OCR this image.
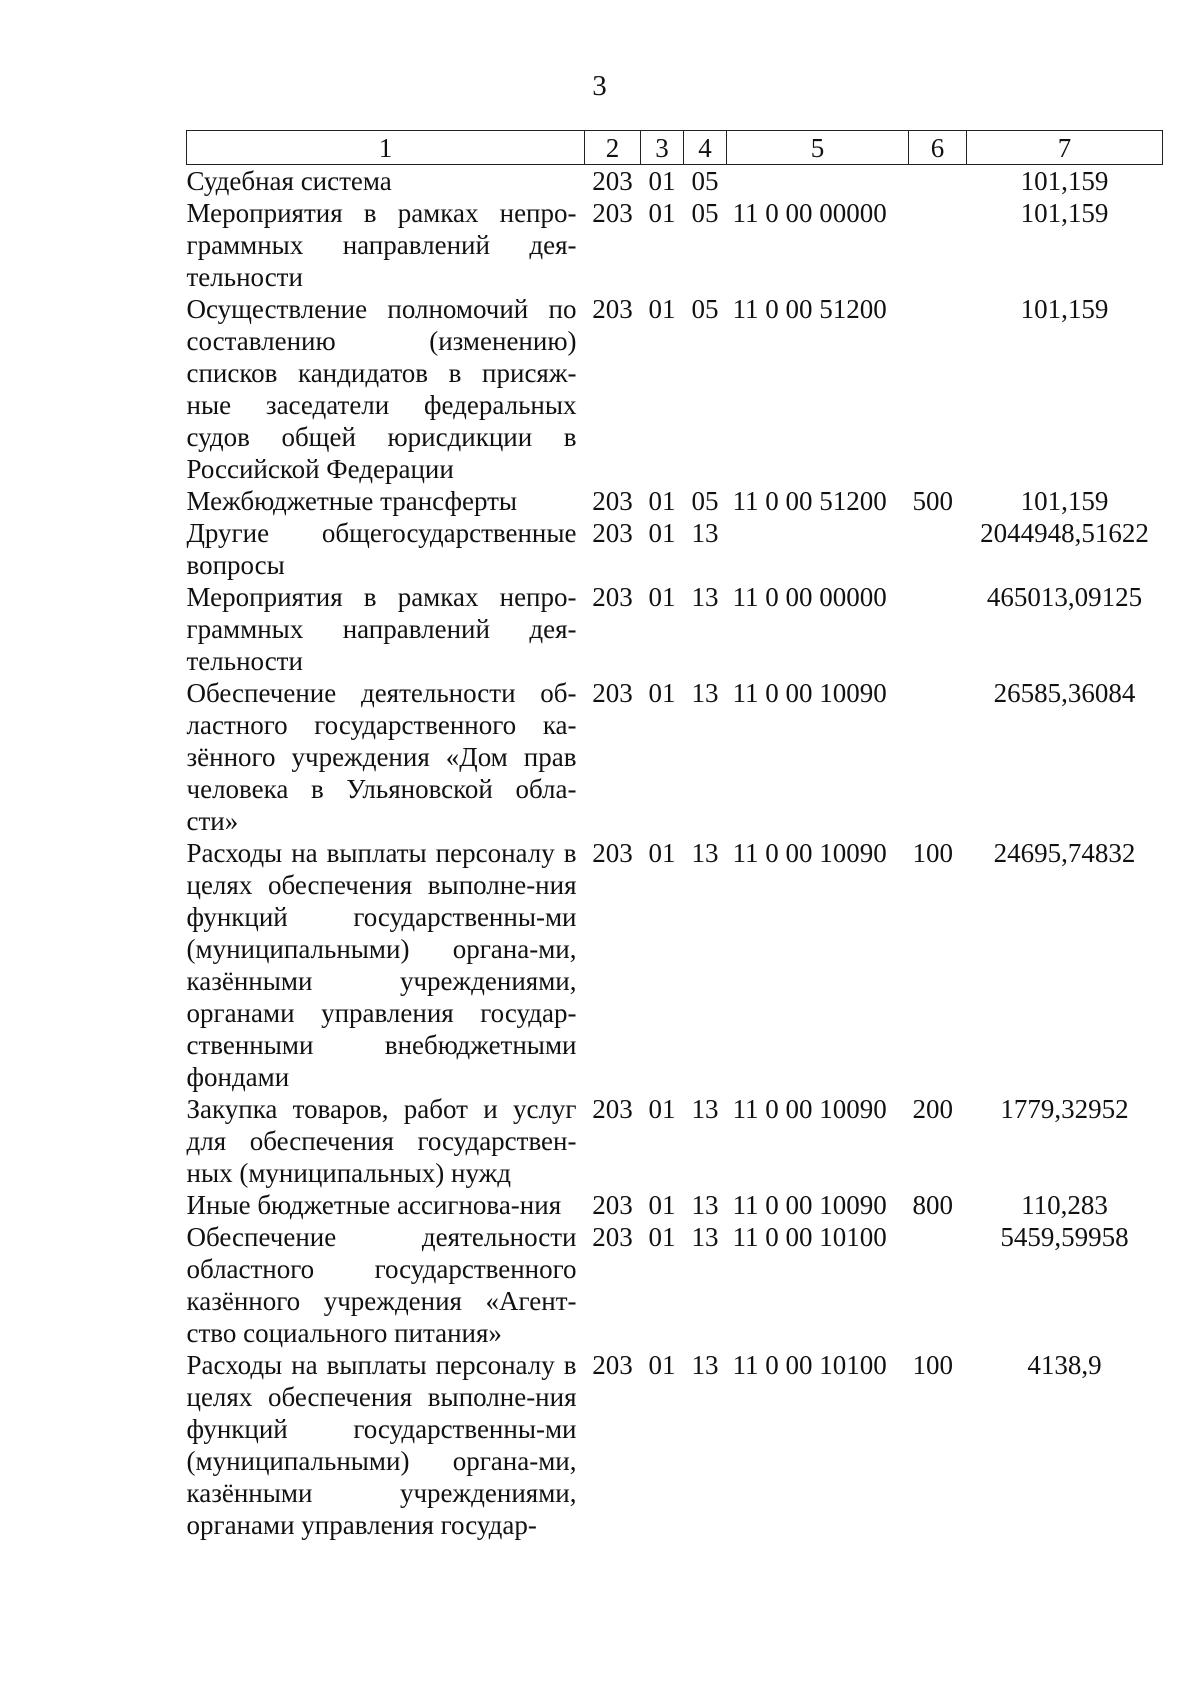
3
1	2	3	4	5	6	7
Судебная система	203	01	05			101,159
Мероприятия в рамках непро-граммных направлений дея-тельности	203	01	05	11 0 00 00000		101,159
Осуществление полномочий по составлению (изменению) списков кандидатов в присяж-ные заседатели федеральных судов общей юрисдикции в Российской Федерации	203	01	05	11 0 00 51200		101,159
Межбюджетные трансферты	203	01	05	11 0 00 51200	500	101,159
Другие общегосударственные вопросы	203	01	13			2044948,51622
Мероприятия в рамках непро-граммных направлений дея-тельности	203	01	13	11 0 00 00000		465013,09125
Обеспечение деятельности об-ластного государственного ка-зённого учреждения «Дом прав человека в Ульяновской обла-сти»	203	01	13	11 0 00 10090		26585,36084
Расходы на выплаты персоналу в целях обеспечения выполне-ния функций государственны-ми (муниципальными) органа-ми, казёнными учреждениями, органами управления государ-ственными внебюджетными фондами	203	01	13	11 0 00 10090	100	24695,74832
Закупка товаров, работ и услуг для обеспечения государствен-ных (муниципальных) нужд	203	01	13	11 0 00 10090	200	1779,32952
Иные бюджетные ассигнова-ния	203	01	13	11 0 00 10090	800	110,283
Обеспечение деятельности областного государственного казённого учреждения «Агент-ство социального питания»	203	01	13	11 0 00 10100		5459,59958
Расходы на выплаты персоналу в целях обеспечения выполне-ния функций государственны-ми (муниципальными) органа-ми, казёнными учреждениями, органами управления государ-	203	01	13	11 0 00 10100	100	4138,9
